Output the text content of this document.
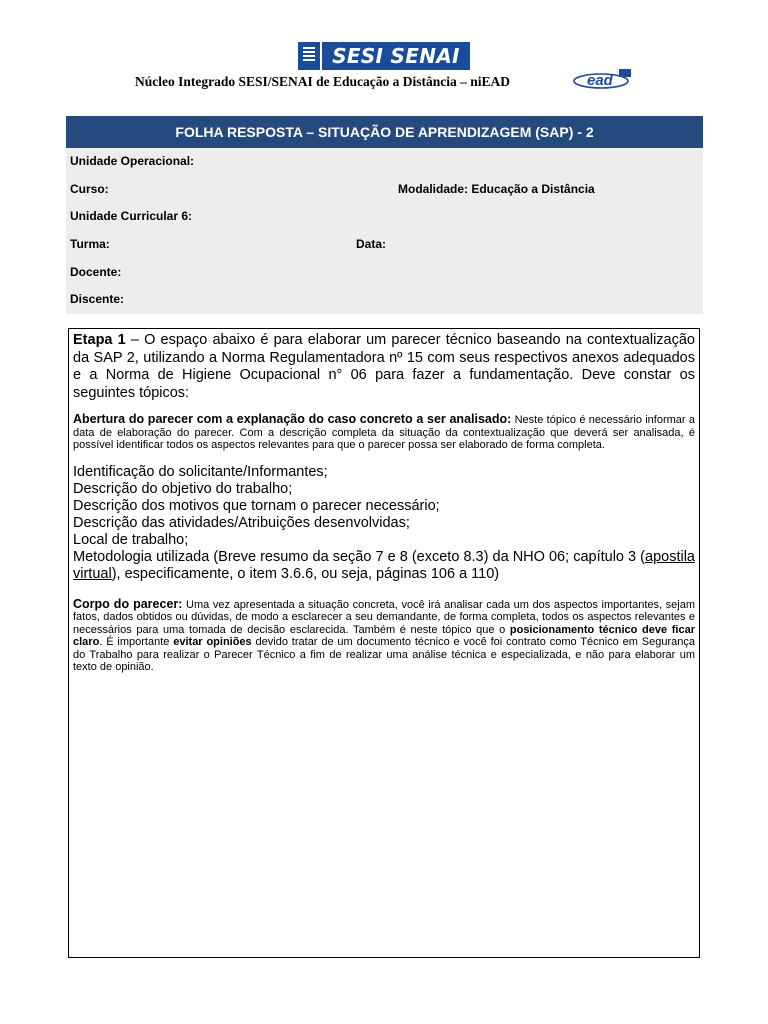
SESI SENAI
Núcleo Integrado SESI/SENAI de Educação a Distância – niEAD	ead
FOLHA RESPOSTA – SITUAÇÃO DE APRENDIZAGEM (SAP) - 2
Unidade Operacional:
Curso:	Modalidade: Educação a Distância
Unidade Curricular 6:
Turma:	Data:
Docente:
Discente:

Etapa 1 – O espaço abaixo é para elaborar um parecer técnico baseando na contextualização da SAP 2, utilizando a Norma Regulamentadora nº 15 com seus respectivos anexos adequados e a Norma de Higiene Ocupacional n° 06 para fazer a fundamentação. Deve constar os seguintes tópicos:

Abertura do parecer com a explanação do caso concreto a ser analisado: Neste tópico é necessário informar a data de elaboração do parecer. Com a descrição completa da situação da contextualização que deverá ser analisada, é possível identificar todos os aspectos relevantes para que o parecer possa ser elaborado de forma completa.

Identificação do solicitante/Informantes;
Descrição do objetivo do trabalho;
Descrição dos motivos que tornam o parecer necessário;
Descrição das atividades/Atribuições desenvolvidas;
Local de trabalho;
Metodologia utilizada (Breve resumo da seção 7 e 8 (exceto 8.3) da NHO 06; capítulo 3 (apostila virtual), especificamente, o item 3.6.6, ou seja, páginas 106 a 110)

Corpo do parecer: Uma vez apresentada a situação concreta, você irá analisar cada um dos aspectos importantes, sejam fatos, dados obtidos ou dúvidas, de modo a esclarecer a seu demandante, de forma completa, todos os aspectos relevantes e necessários para uma tomada de decisão esclarecida. Também é neste tópico que o posicionamento técnico deve ficar claro. É importante evitar opiniões devido tratar de um documento técnico e você foi contrato como Técnico em Segurança do Trabalho para realizar o Parecer Técnico a fim de realizar uma análise técnica e especializada, e não para elaborar um texto de opinião.
